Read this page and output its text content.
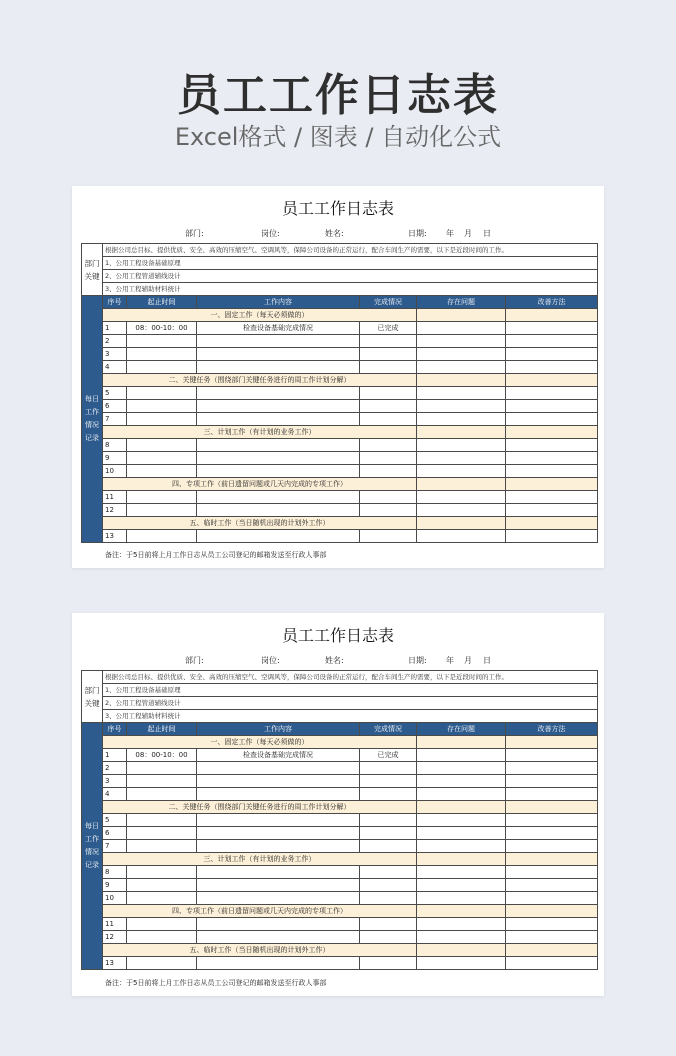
员工工作日志表
Excel格式 / 图表 / 自动化公式
员工工作日志表
部门:	岗位:	姓名:	日期: 年 月 日
部门关键	根据公司总目标、提供优质、安全、高效的压缩空气、空调风等，保障公司设备的正常运行，配合车间生产的需要，以下是近段时间的工作。					
	1、公用工程设备基础原理					
	2、公用工程管道辅线设计					
	3、公用工程辅助材料统计					
每日工作情况记录	序号	起止时间	工作内容	完成情况	存在问题	改善方法
	一、固定工作（每天必须做的）					
	1	08：00-10：00	检查设备基础完成情况	已完成		
	2					
	3					
	4					
	二、关键任务（围绕部门关键任务进行的周工作计划分解）					
	5					
	6					
	7					
	三、计划工作（有计划的业务工作）					
	8					
	9					
	10					
	四、专项工作（前日遗留问题或几天内完成的专项工作）					
	11					
	12					
	五、临时工作（当日随机出现的计划外工作）					
	13					
备注：于5日前将上月工作日志从员工公司登记的邮箱发送至行政人事部
员工工作日志表
部门:	岗位:	姓名:	日期: 年 月 日
部门关键	根据公司总目标、提供优质、安全、高效的压缩空气、空调风等，保障公司设备的正常运行，配合车间生产的需要，以下是近段时间的工作。					
	1、公用工程设备基础原理					
	2、公用工程管道辅线设计					
	3、公用工程辅助材料统计					
每日工作情况记录	序号	起止时间	工作内容	完成情况	存在问题	改善方法
	一、固定工作（每天必须做的）					
	1	08：00-10：00	检查设备基础完成情况	已完成		
	2					
	3					
	4					
	二、关键任务（围绕部门关键任务进行的周工作计划分解）					
	5					
	6					
	7					
	三、计划工作（有计划的业务工作）					
	8					
	9					
	10					
	四、专项工作（前日遗留问题或几天内完成的专项工作）					
	11					
	12					
	五、临时工作（当日随机出现的计划外工作）					
	13					
备注：于5日前将上月工作日志从员工公司登记的邮箱发送至行政人事部
